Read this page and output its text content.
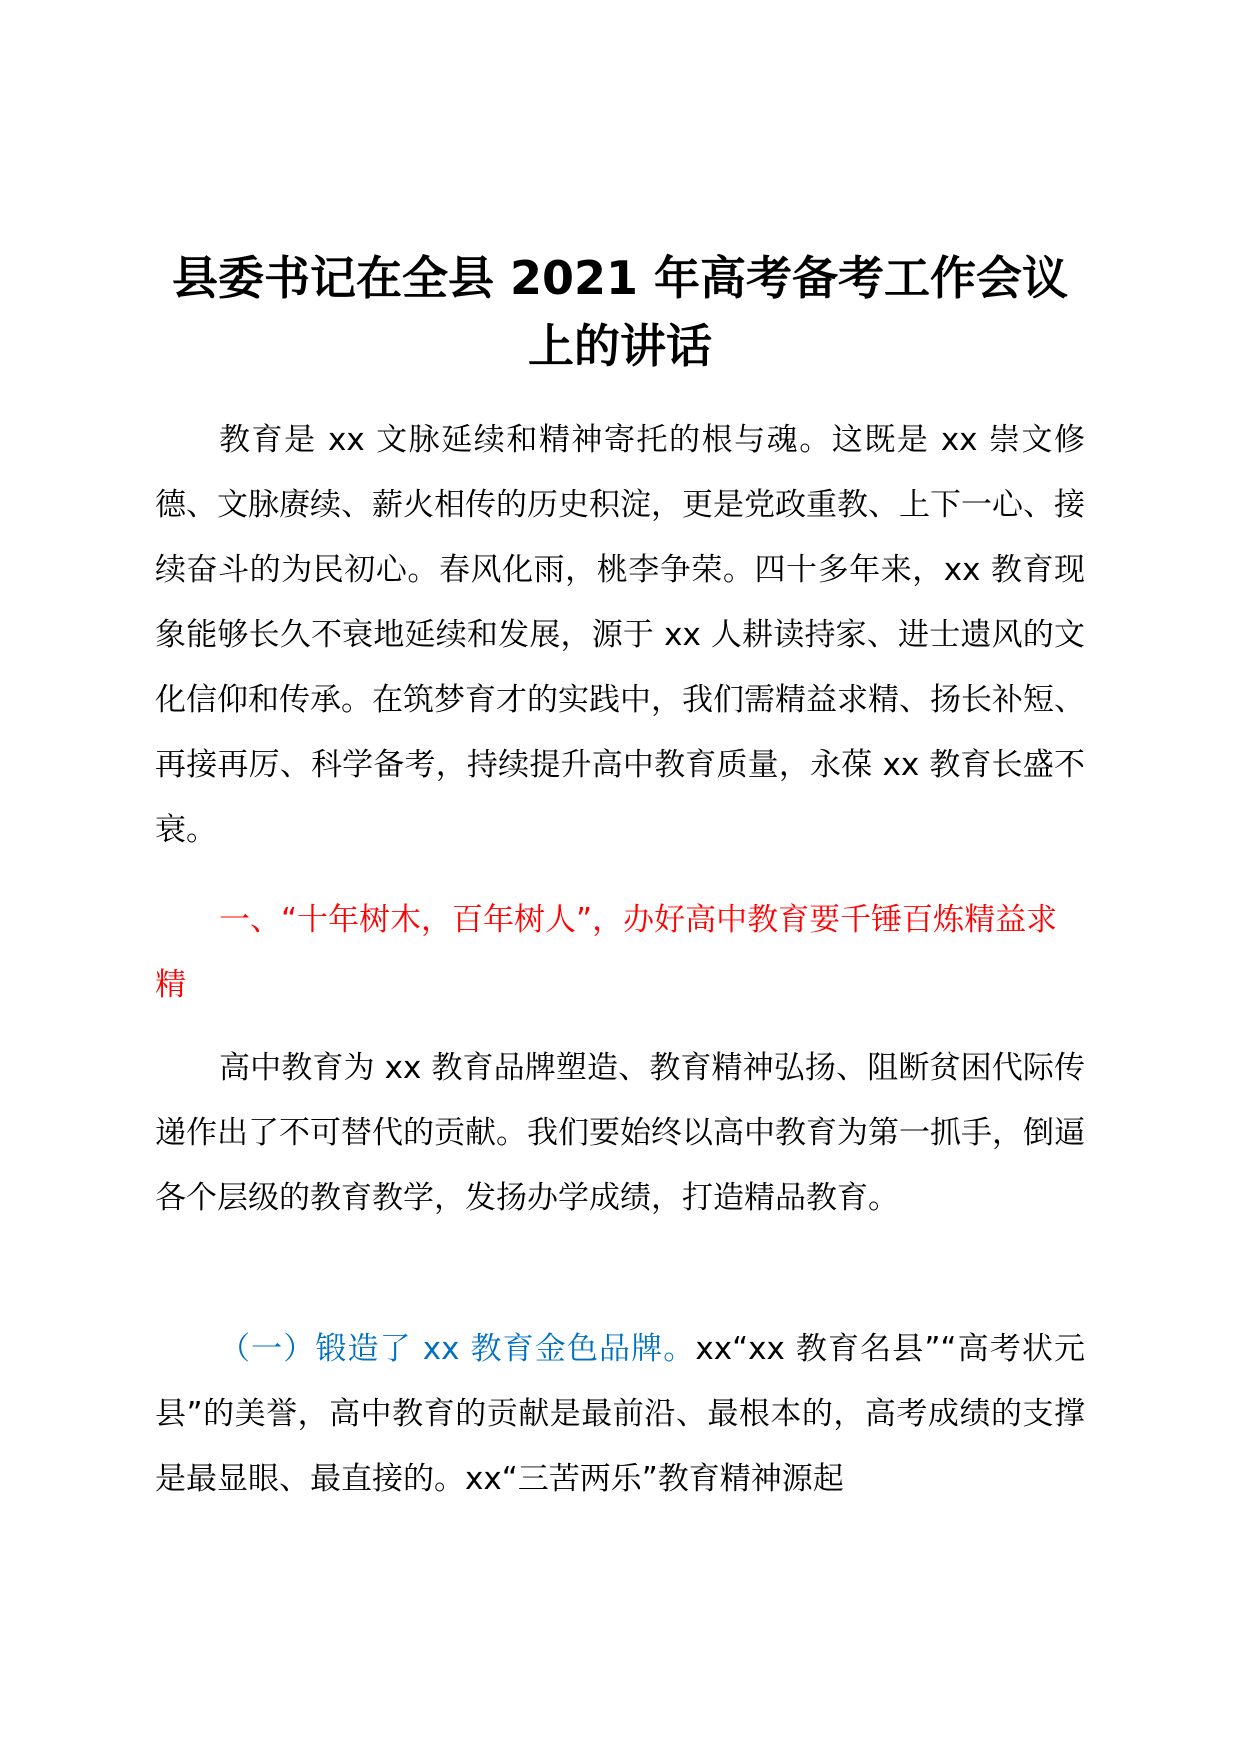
县委书记在全县 2021 年高考备考工作会议上的讲话

教育是 xx 文脉延续和精神寄托的根与魂。这既是 xx 崇文修德、文脉赓续、薪火相传的历史积淀，更是党政重教、上下一心、接续奋斗的为民初心。春风化雨，桃李争荣。四十多年来，xx 教育现象能够长久不衰地延续和发展，源于 xx 人耕读持家、进士遗风的文化信仰和传承。在筑梦育才的实践中，我们需精益求精、扬长补短、再接再厉、科学备考，持续提升高中教育质量，永葆 xx 教育长盛不衰。

一、“十年树木，百年树人”，办好高中教育要千锤百炼精益求精

高中教育为 xx 教育品牌塑造、教育精神弘扬、阻断贫困代际传递作出了不可替代的贡献。我们要始终以高中教育为第一抓手，倒逼各个层级的教育教学，发扬办学成绩，打造精品教育。

（一）锻造了 xx 教育金色品牌。xx“xx 教育名县”“高考状元县”的美誉，高中教育的贡献是最前沿、最根本的，高考成绩的支撑是最显眼、最直接的。xx“三苦两乐”教育精神源起
